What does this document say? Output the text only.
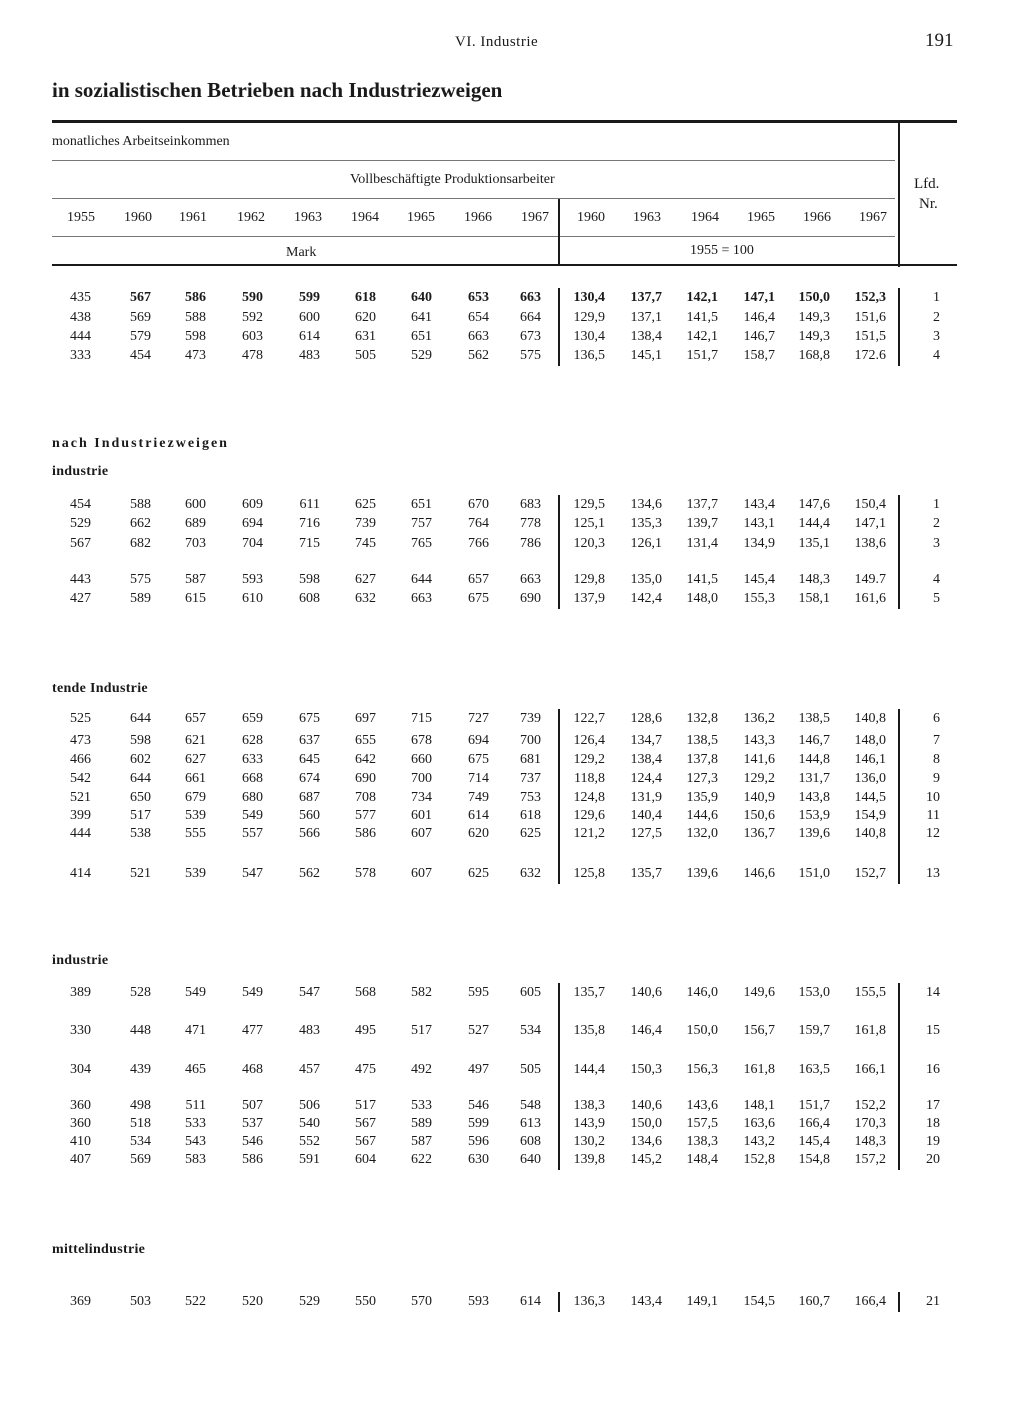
VI. Industrie	191
in sozialistischen Betrieben nach Industriezweigen
monatliches Arbeitseinkommen
Vollbeschäftigte Produktionsarbeiter	Lfd.
Nr.
Mark	1955 = 100
1955	1960	1961	1962	1963	1964	1965	1966	1967	1960	1963	1964	1965	1966	1967
435	567	586	590	599	618	640	653	663	130,4	137,7	142,1	147,1	150,0	152,3	1
438	569	588	592	600	620	641	654	664	129,9	137,1	141,5	146,4	149,3	151,6	2
444	579	598	603	614	631	651	663	673	130,4	138,4	142,1	146,7	149,3	151,5	3
333	454	473	478	483	505	529	562	575	136,5	145,1	151,7	158,7	168,8	172.6	4
nach Industriezweigen
industrie
454	588	600	609	611	625	651	670	683	129,5	134,6	137,7	143,4	147,6	150,4	1
529	662	689	694	716	739	757	764	778	125,1	135,3	139,7	143,1	144,4	147,1	2
567	682	703	704	715	745	765	766	786	120,3	126,1	131,4	134,9	135,1	138,6	3
443	575	587	593	598	627	644	657	663	129,8	135,0	141,5	145,4	148,3	149.7	4
427	589	615	610	608	632	663	675	690	137,9	142,4	148,0	155,3	158,1	161,6	5
tende Industrie
525	644	657	659	675	697	715	727	739	122,7	128,6	132,8	136,2	138,5	140,8	6
473	598	621	628	637	655	678	694	700	126,4	134,7	138,5	143,3	146,7	148,0	7
466	602	627	633	645	642	660	675	681	129,2	138,4	137,8	141,6	144,8	146,1	8
542	644	661	668	674	690	700	714	737	118,8	124,4	127,3	129,2	131,7	136,0	9
521	650	679	680	687	708	734	749	753	124,8	131,9	135,9	140,9	143,8	144,5	10
399	517	539	549	560	577	601	614	618	129,6	140,4	144,6	150,6	153,9	154,9	11
444	538	555	557	566	586	607	620	625	121,2	127,5	132,0	136,7	139,6	140,8	12
414	521	539	547	562	578	607	625	632	125,8	135,7	139,6	146,6	151,0	152,7	13
industrie
389	528	549	549	547	568	582	595	605	135,7	140,6	146,0	149,6	153,0	155,5	14
330	448	471	477	483	495	517	527	534	135,8	146,4	150,0	156,7	159,7	161,8	15
304	439	465	468	457	475	492	497	505	144,4	150,3	156,3	161,8	163,5	166,1	16
360	498	511	507	506	517	533	546	548	138,3	140,6	143,6	148,1	151,7	152,2	17
360	518	533	537	540	567	589	599	613	143,9	150,0	157,5	163,6	166,4	170,3	18
410	534	543	546	552	567	587	596	608	130,2	134,6	138,3	143,2	145,4	148,3	19
407	569	583	586	591	604	622	630	640	139,8	145,2	148,4	152,8	154,8	157,2	20
mittelindustrie
369	503	522	520	529	550	570	593	614	136,3	143,4	149,1	154,5	160,7	166,4	21
